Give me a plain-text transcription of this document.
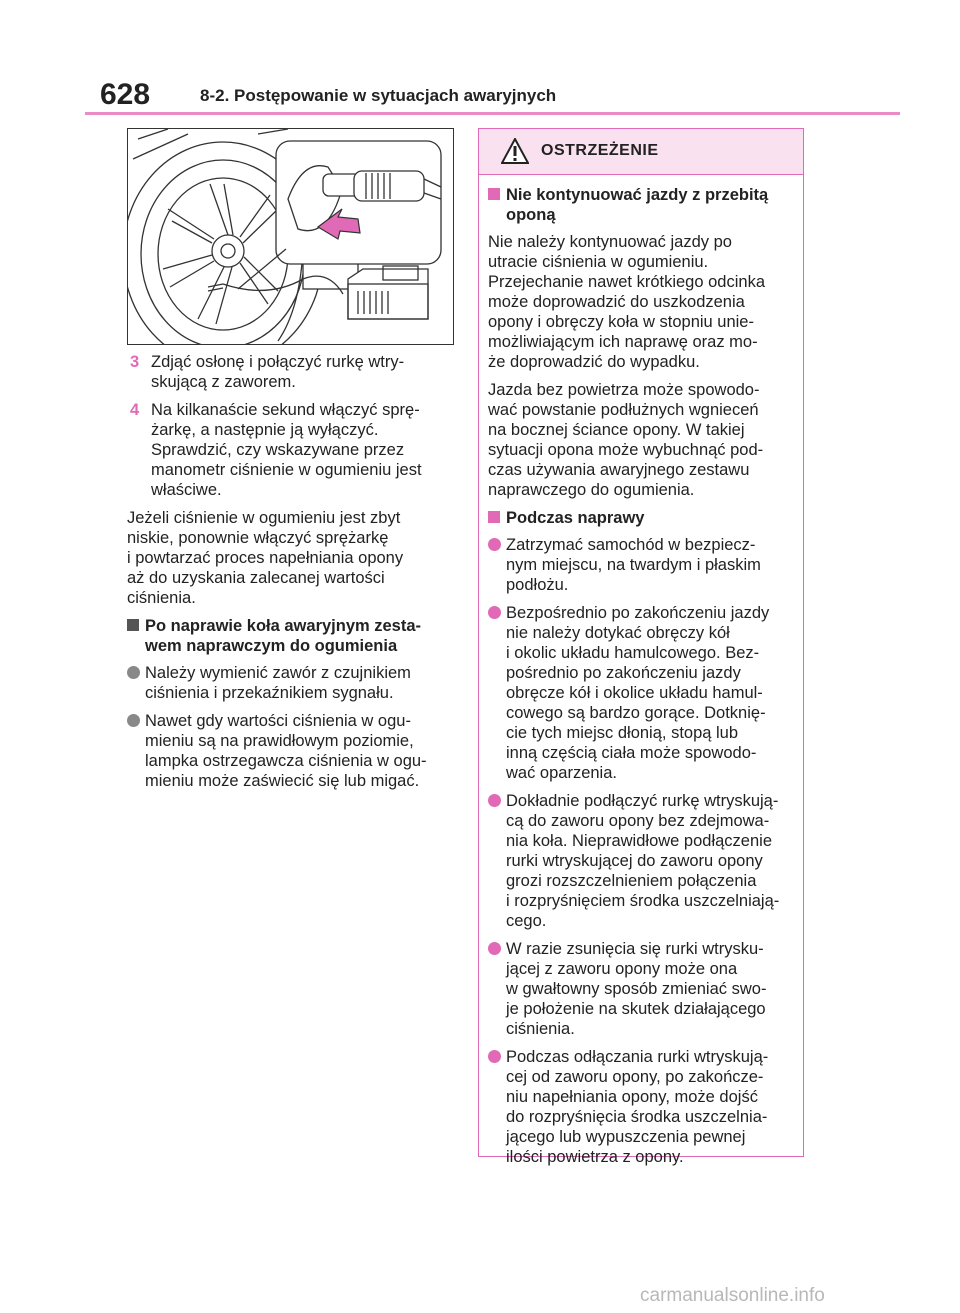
628	8-2. Postępowanie w sytuacjach awaryjnych
3 Zdjąć osłonę i połączyć rurkę wtry-
skującą z zaworem.
4 Na kilkanaście sekund włączyć sprę-
żarkę, a następnie ją wyłączyć.
Sprawdzić, czy wskazywane przez
manometr ciśnienie w ogumieniu jest
właściwe.
Jeżeli ciśnienie w ogumieniu jest zbyt
niskie, ponownie włączyć sprężarkę
i powtarzać proces napełniania opony
aż do uzyskania zalecanej wartości
ciśnienia.
Po naprawie koła awaryjnym zesta-
wem naprawczym do ogumienia
Należy wymienić zawór z czujnikiem
ciśnienia i przekaźnikiem sygnału.
Nawet gdy wartości ciśnienia w ogu-
mieniu są na prawidłowym poziomie,
lampka ostrzegawcza ciśnienia w ogu-
mieniu może zaświecić się lub migać.
OSTRZEŻENIE
Nie kontynuować jazdy z przebitą
oponą
Nie należy kontynuować jazdy po
utracie ciśnienia w ogumieniu.
Przejechanie nawet krótkiego odcinka
może doprowadzić do uszkodzenia
opony i obręczy koła w stopniu unie-
możliwiającym ich naprawę oraz mo-
że doprowadzić do wypadku.
Jazda bez powietrza może spowodo-
wać powstanie podłużnych wgnieceń
na bocznej ściance opony. W takiej
sytuacji opona może wybuchnąć pod-
czas używania awaryjnego zestawu
naprawczego do ogumienia.
Podczas naprawy
Zatrzymać samochód w bezpiecz-
nym miejscu, na twardym i płaskim
podłożu.
Bezpośrednio po zakończeniu jazdy
nie należy dotykać obręczy kół
i okolic układu hamulcowego. Bez-
pośrednio po zakończeniu jazdy
obręcze kół i okolice układu hamul-
cowego są bardzo gorące. Dotknię-
cie tych miejsc dłonią, stopą lub
inną częścią ciała może spowodo-
wać oparzenia.
Dokładnie podłączyć rurkę wtryskują-
cą do zaworu opony bez zdejmowa-
nia koła. Nieprawidłowe podłączenie
rurki wtryskującej do zaworu opony
grozi rozszczelnieniem połączenia
i rozpryśnięciem środka uszczelniają-
cego.
W razie zsunięcia się rurki wtrysku-
jącej z zaworu opony może ona
w gwałtowny sposób zmieniać swo-
je położenie na skutek działającego
ciśnienia.
Podczas odłączania rurki wtryskują-
cej od zaworu opony, po zakończe-
niu napełniania opony, może dojść
do rozpryśnięcia środka uszczelnia-
jącego lub wypuszczenia pewnej
ilości powietrza z opony.
carmanualsonline.info
